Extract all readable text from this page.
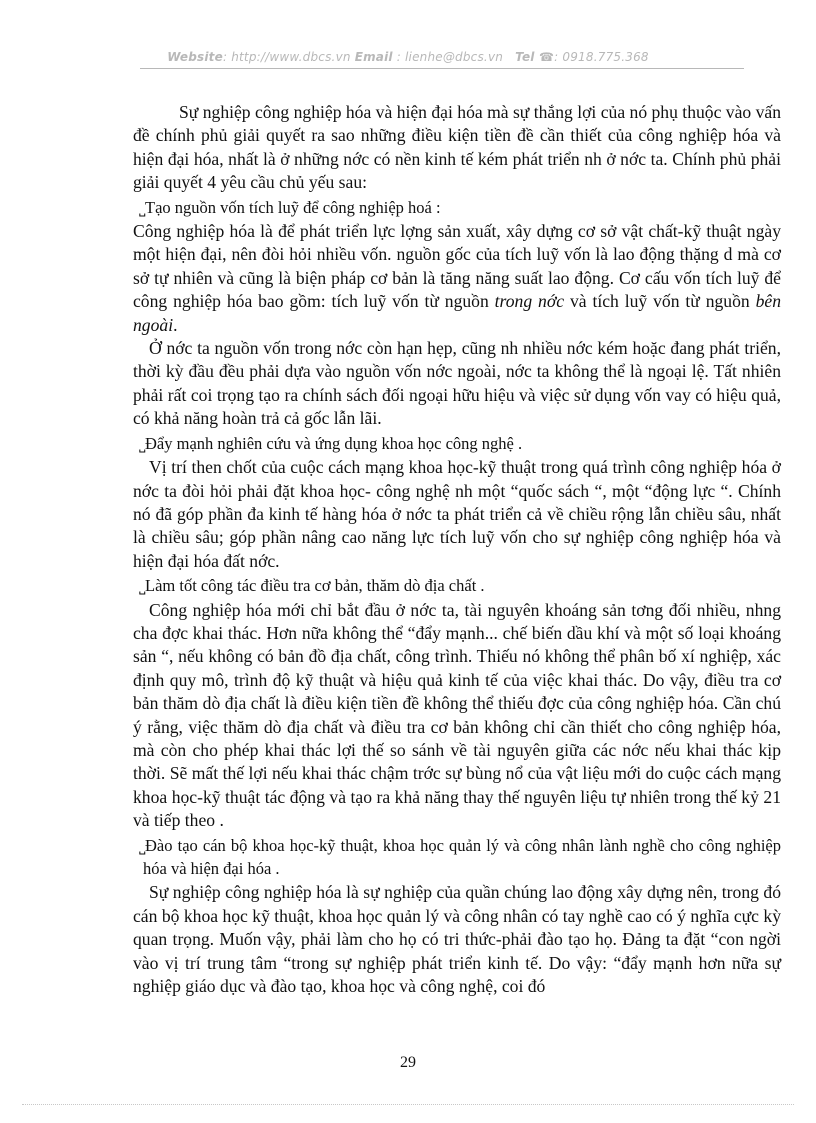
Website: http://www.dbcs.vn Email : lienhe@dbcs.vn Tel ☎: 0918.775.368

Sự nghiệp công nghiệp hóa và hiện đại hóa mà sự thắng lợi của nó phụ thuộc vào vấn đề chính phủ giải quyết ra sao những điều kiện tiền đề cần thiết của công nghiệp hóa và hiện đại hóa, nhất là ở những nớc có nền kinh tế kém phát triển nh ở nớc ta. Chính phủ phải giải quyết 4 yêu cầu chủ yếu sau:

˽Tạo nguồn vốn tích luỹ để công nghiệp hoá :

Công nghiệp hóa là để phát triển lực lợng sản xuất, xây dựng cơ sở vật chất-kỹ thuật ngày một hiện đại, nên đòi hỏi nhiều vốn. nguồn gốc của tích luỹ vốn là lao động thặng d mà cơ sở tự nhiên và cũng là biện pháp cơ bản là tăng năng suất lao động. Cơ cấu vốn tích luỹ để công nghiệp hóa bao gồm: tích luỹ vốn từ nguồn trong nớc và tích luỹ vốn từ nguồn bên ngoài.

Ở nớc ta nguồn vốn trong nớc còn hạn hẹp, cũng nh nhiều nớc kém hoặc đang phát triển, thời kỳ đầu đều phải dựa vào nguồn vốn nớc ngoài, nớc ta không thể là ngoại lệ. Tất nhiên phải rất coi trọng tạo ra chính sách đối ngoại hữu hiệu và việc sử dụng vốn vay có hiệu quả, có khả năng hoàn trả cả gốc lẫn lãi.

˽Đẩy mạnh nghiên cứu và ứng dụng khoa học công nghệ .

Vị trí then chốt của cuộc cách mạng khoa học-kỹ thuật trong quá trình công nghiệp hóa ở nớc ta đòi hỏi phải đặt khoa học- công nghệ nh một “quốc sách “, một “động lực “. Chính nó đã góp phần đa kinh tế hàng hóa ở nớc ta phát triển cả về chiều rộng lẫn chiều sâu, nhất là chiều sâu; góp phần nâng cao năng lực tích luỹ vốn cho sự nghiệp công nghiệp hóa và hiện đại hóa đất nớc.

˽Làm tốt công tác điều tra cơ bản, thăm dò địa chất .

Công nghiệp hóa mới chỉ bắt đầu ở nớc ta, tài nguyên khoáng sản tơng đối nhiều, nhng cha đợc khai thác. Hơn nữa không thể “đẩy mạnh... chế biến dầu khí và một số loại khoáng sản “, nếu không có bản đồ địa chất, công trình. Thiếu nó không thể phân bố xí nghiệp, xác định quy mô, trình độ kỹ thuật và hiệu quả kinh tế của việc khai thác. Do vậy, điều tra cơ bản thăm dò địa chất là điều kiện tiền đề không thể thiếu đợc của công nghiệp hóa. Cần chú ý rằng, việc thăm dò địa chất và điều tra cơ bản không chỉ cần thiết cho công nghiệp hóa, mà còn cho phép khai thác lợi thế so sánh về tài nguyên giữa các nớc nếu khai thác kịp thời. Sẽ mất thế lợi nếu khai thác chậm trớc sự bùng nổ của vật liệu mới do cuộc cách mạng khoa học-kỹ thuật tác động và tạo ra khả năng thay thế nguyên liệu tự nhiên trong thế kỷ 21 và tiếp theo .

˽Đào tạo cán bộ khoa học-kỹ thuật, khoa học quản lý và công nhân lành nghề cho công nghiệp hóa và hiện đại hóa .

Sự nghiệp công nghiệp hóa là sự nghiệp của quần chúng lao động xây dựng nên, trong đó cán bộ khoa học kỹ thuật, khoa học quản lý và công nhân có tay nghề cao có ý nghĩa cực kỳ quan trọng. Muốn vậy, phải làm cho họ có tri thức-phải đào tạo họ. Đảng ta đặt “con ngời vào vị trí trung tâm “trong sự nghiệp phát triển kinh tế. Do vậy: “đẩy mạnh hơn nữa sự nghiệp giáo dục và đào tạo, khoa học và công nghệ, coi đó

29
